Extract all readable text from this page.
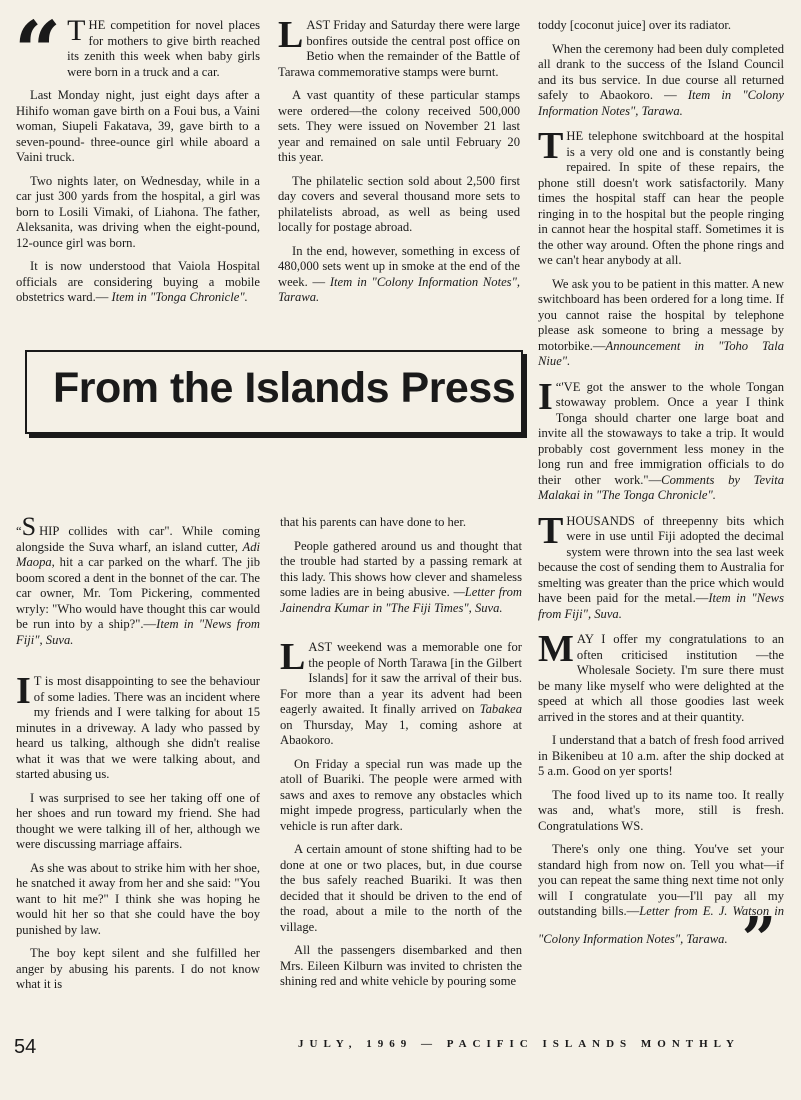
“ T HE competition for novel places for mothers to give birth reached its zenith this week when baby girls were born in a truck and a car.

Last Monday night, just eight days after a Hihifo woman gave birth on a Foui bus, a Vaini woman, Siupeli Fakatava, 39, gave birth to a seven-pound- three-ounce girl while aboard a Vaini truck.

Two nights later, on Wednesday, while in a car just 300 yards from the hospital, a girl was born to Losili Vimaki, of Liahona. The father, Aleksanita, was driving when the eight-pound, 12-ounce girl was born.

It is now understood that Vaiola Hospital officials are considering buying a mobile obstetrics ward.— Item in "Tonga Chronicle".

LAST Friday and Saturday there were large bonfires outside the central post office on Betio when the remainder of the Battle of Tarawa commemorative stamps were burnt.

A vast quantity of these particular stamps were ordered—the colony received 500,000 sets. They were issued on November 21 last year and remained on sale until February 20 this year.

The philatelic section sold about 2,500 first day covers and several thousand more sets to philatelists abroad, as well as being used locally for postage abroad.

In the end, however, something in excess of 480,000 sets went up in smoke at the end of the week. — Item in "Colony Information Notes", Tarawa.

From the Islands Press

“S HIP collides with car". While coming alongside the Suva wharf, an island cutter, Adi Maopa, hit a car parked on the wharf. The jib boom scored a dent in the bonnet of the car. The car owner, Mr. Tom Pickering, commented wryly: "Who would have thought this car would be run into by a ship?".—Item in "News from Fiji", Suva.

I T is most disappointing to see the behaviour of some ladies. There was an incident where my friends and I were talking for about 15 minutes in a driveway. A lady who passed by heard us talking, although she didn't realise what it was that we were talking about, and started abusing us.

I was surprised to see her taking off one of her shoes and run toward my friend. She had thought we were talking ill of her, although we were discussing marriage affairs.

As she was about to strike him with her shoe, he snatched it away from her and she said: "You want to hit me?" I think she was hoping he would hit her so that she could have the boy punished by law.

The boy kept silent and she fulfilled her anger by abusing his parents. I do not know what it is

that his parents can have done to her.

People gathered around us and thought that the trouble had started by a passing remark at this lady. This shows how clever and shameless some ladies are in being abusive. —Letter from Jainendra Kumar in "The Fiji Times", Suva.

LAST weekend was a memorable one for the people of North Tarawa [in the Gilbert Islands] for it saw the arrival of their bus. For more than a year its advent had been eagerly awaited. It finally arrived on Tabakea on Thursday, May 1, coming ashore at Abaokoro.

On Friday a special run was made up the atoll of Buariki. The people were armed with saws and axes to remove any obstacles which might impede progress, particularly when the vehicle is run after dark.

A certain amount of stone shifting had to be done at one or two places, but, in due course the bus safely reached Buariki. It was then decided that it should be driven to the end of the road, about a mile to the north of the village.

All the passengers disembarked and then Mrs. Eileen Kilburn was invited to christen the shining red and white vehicle by pouring some

toddy [coconut juice] over its radiator.

When the ceremony had been duly completed all drank to the success of the Island Council and its bus service. In due course all returned safely to Abaokoro. — Item in "Colony Information Notes", Tarawa.

THE telephone switchboard at the hospital is a very old one and is constantly being repaired. In spite of these repairs, the phone still doesn't work satisfactorily. Many times the hospital staff can hear the people ringing in to the hospital but the people ringing in cannot hear the hospital staff. Sometimes it is the other way around. Often the phone rings and we can't hear anybody at all.

We ask you to be patient in this matter. A new switchboard has been ordered for a long time. If you cannot raise the hospital by telephone please ask someone to bring a message by motorbike.—Announcement in "Toho Tala Niue".

“
I 'VE got the answer to the whole Tongan stowaway problem. Once a year I think Tonga should charter one large boat and invite all the stowaways to take a trip. It would probably cost government less money in the long run and free immigration officials to do their other work."—Comments by Tevita Malakai in "The Tonga Chronicle".

THOUSANDS of threepenny bits which were in use until Fiji adopted the decimal system were thrown into the sea last week because the cost of sending them to Australia for smelting was greater than the price which would have been paid for the metal.—Item in "News from Fiji", Suva.

MAY I offer my congratulations to an often criticised institution —the Wholesale Society. I'm sure there must be many like myself who were delighted at the speed at which all those goodies last week arrived in the stores and at their quantity.

I understand that a batch of fresh food arrived in Bikenibeu at 10 a.m. after the ship docked at 5 a.m. Good on yer sports!

The food lived up to its name too. It really was and, what's more, still is fresh. Congratulations WS.

There's only one thing. You've set your standard high from now on. Tell you what—if you can repeat the same thing next time not only will I congratulate you—I'll pay all my outstanding bills.—Letter from E. J. Watson in "Colony Information Notes", Tarawa. ”

54	JULY, 1969 — PACIFIC ISLANDS MONTHLY
